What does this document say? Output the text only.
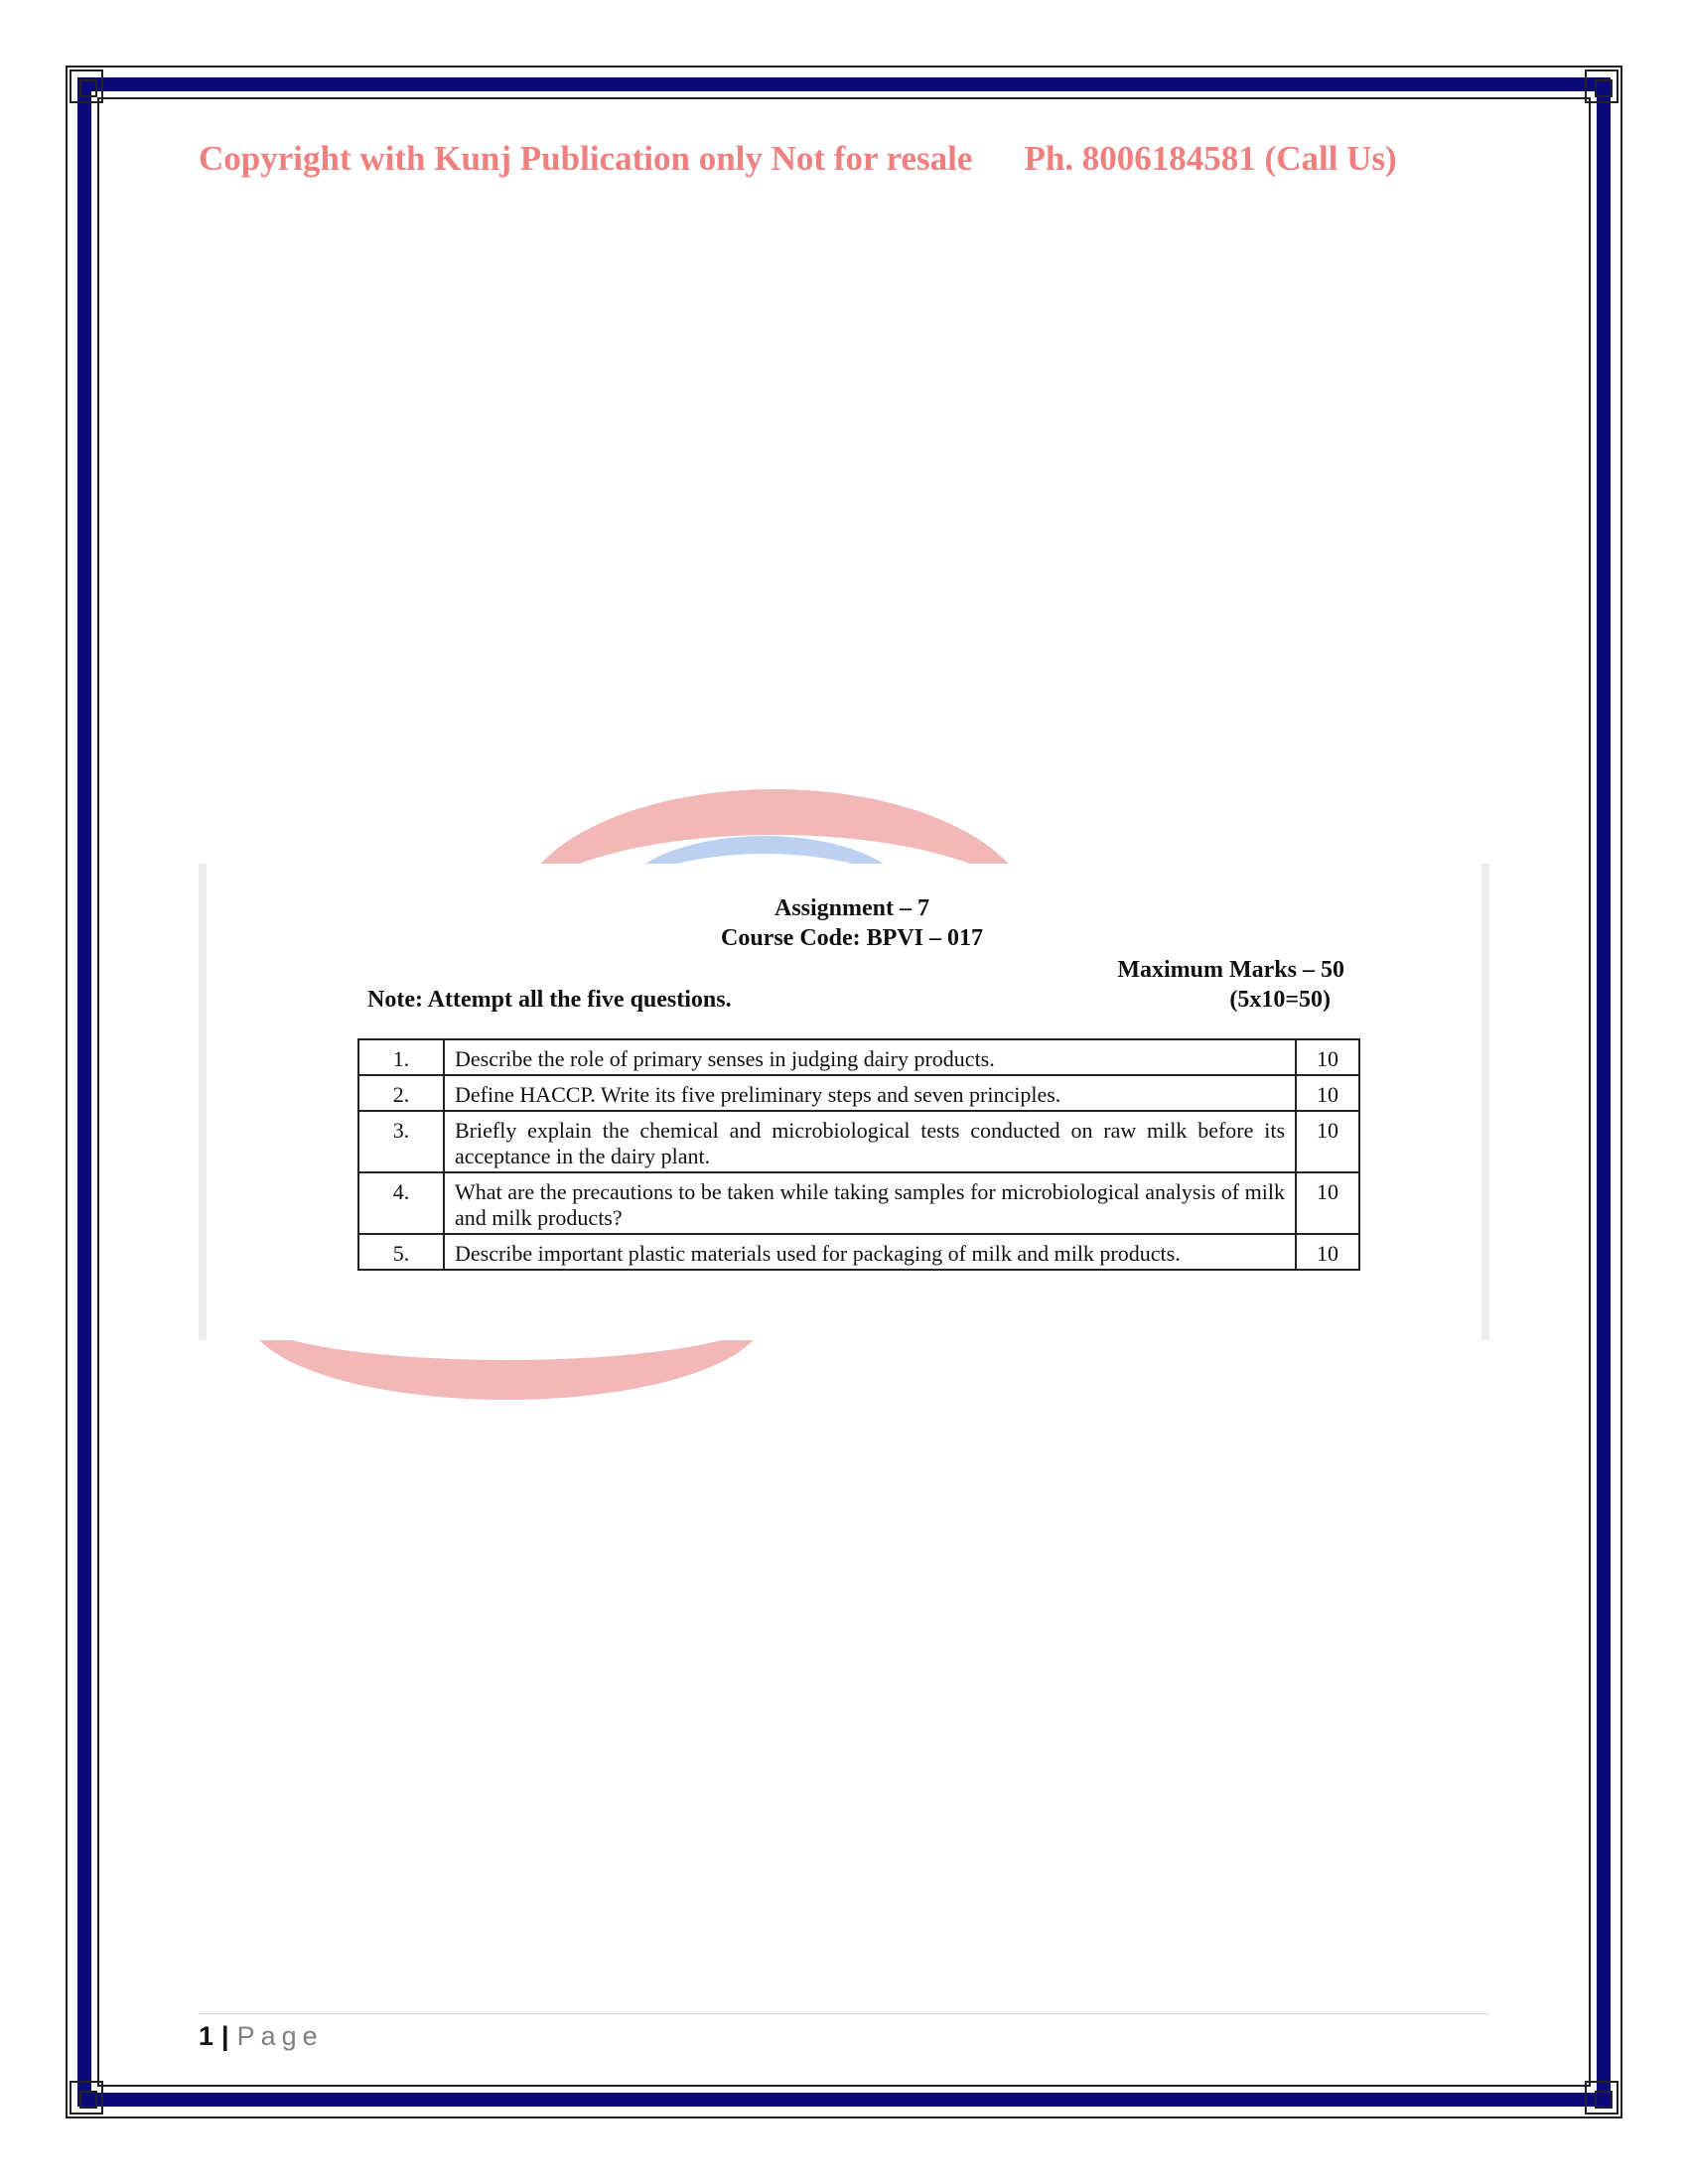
Copyright with Kunj Publication only Not for resale Ph. 8006184581 (Call Us)
Assignment – 7
Course Code: BPVI – 017
Maximum Marks – 50
(5x10=50)
Note: Attempt all the five questions.
1.	Describe the role of primary senses in judging dairy products.	10
2.	Define HACCP. Write its five preliminary steps and seven principles.	10
3.	Briefly explain the chemical and microbiological tests conducted on raw milk before its acceptance in the dairy plant.	10
4.	What are the precautions to be taken while taking samples for microbiological analysis of milk and milk products?	10
5.	Describe important plastic materials used for packaging of milk and milk products.	10
1 | Page
